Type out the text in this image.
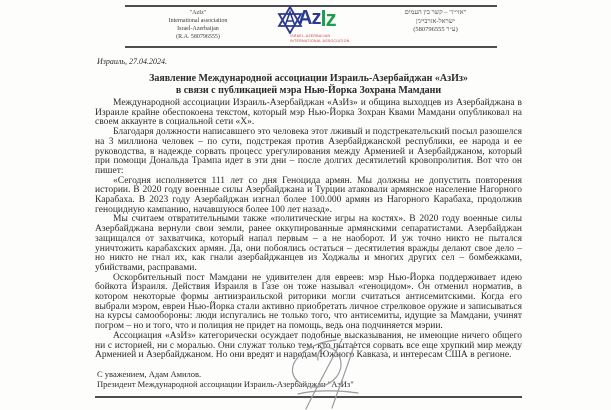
"AzIz"
International association
Israel-Azerbaijan
(R.A. 580796555)
Az l z
ISRAEL-AZERBAIJAN
INTERNATIONAL ASSOCIATION
"אזי״ז" – קשר בין העמים
ישראל-אזרבייג'ן
(ע״ר 580796555)
Израиль, 27.04.2024.
Заявление Международной ассоциации Израиль-Азербайджан «АзИз»
в связи с публикацией мэра Нью-Йорка Зохрана Мамдани

Международной ассоциации Израиль-Азербайджан «АзИз» и община выходцев из Азербайджана в Израиле крайне обеспокоена текстом, который мэр Нью-Йорка Зохран Квами Мамдани опубликовал на своем аккаунте в социальной сети «Х».

Благодаря должности написавшего это человека этот лживый и подстрекательский посыл разошелся на 3 миллиона человек – по сути, подстрекая против Азербайджанской республики, ее народа и ее руководства, в надежде сорвать процесс урегулирования между Арменией и Азербайджаном, который при помощи Дональда Трампа идет в эти дни – после долгих десятилетий кровопролития. Вот что он пишет:

«Сегодня исполняется 111 лет со дня Геноцида армян. Мы должны не допустить повторения истории. В 2020 году военные силы Азербайджана и Турции атаковали армянское население Нагорного Карабаха. В 2023 году Азербайджан изгнал более 100.000 армян из Нагорного Карабаха, продолжив геноцидную кампанию, начавшуюся более 100 лет назад».

Мы считаем отвратительными также «политические игры на костях». В 2020 году военные силы Азербайджана вернули свои земли, ранее оккупированные армянскими сепаратистами. Азербайджан защищался от захватчика, который напал первым – а не наоборот. И уж точно никто не пытался уничтожить карабахских армян. Да, они побоялись остаться – десятилетия вражды делают свое дело – но никто не гнал их, как гнали азербайджанцев из Ходжалы и многих других сел – бомбежками, убийствами, расправами.

Оскорбительный пост Мамдани не удивителен для евреев: мэр Нью-Йорка поддерживает идею бойкота Израиля. Действия Израиля в Газе он тоже называл «геноцидом». Он отменил норматив, в котором некоторые формы антиизраильской риторики могли считаться антисемитскими. Когда его выбрали мэром, евреи Нью-Йорка стали активно приобретать личное стрелковое оружие и записываться на курсы самообороны: люди испугались не только того, что антисемиты, идущие за Мамдани, учинят погром – но и того, что и полиция не придет на помощь, ведь она подчиняется мэрии.

Ассоциация «АзИз» категорически осуждает подобные высказывания, не имеющие ничего общего ни с историей, ни с моралью. Они служат только тем, кто пытается сорвать все еще хрупкий мир между Арменией и Азербайджаном. Но они вредят и народам Южного Кавказа, и интересам США в регионе.

С уважением, Адам Амилов.
Президент Международной ассоциации Израиль-Азербайджан "АзИз"
